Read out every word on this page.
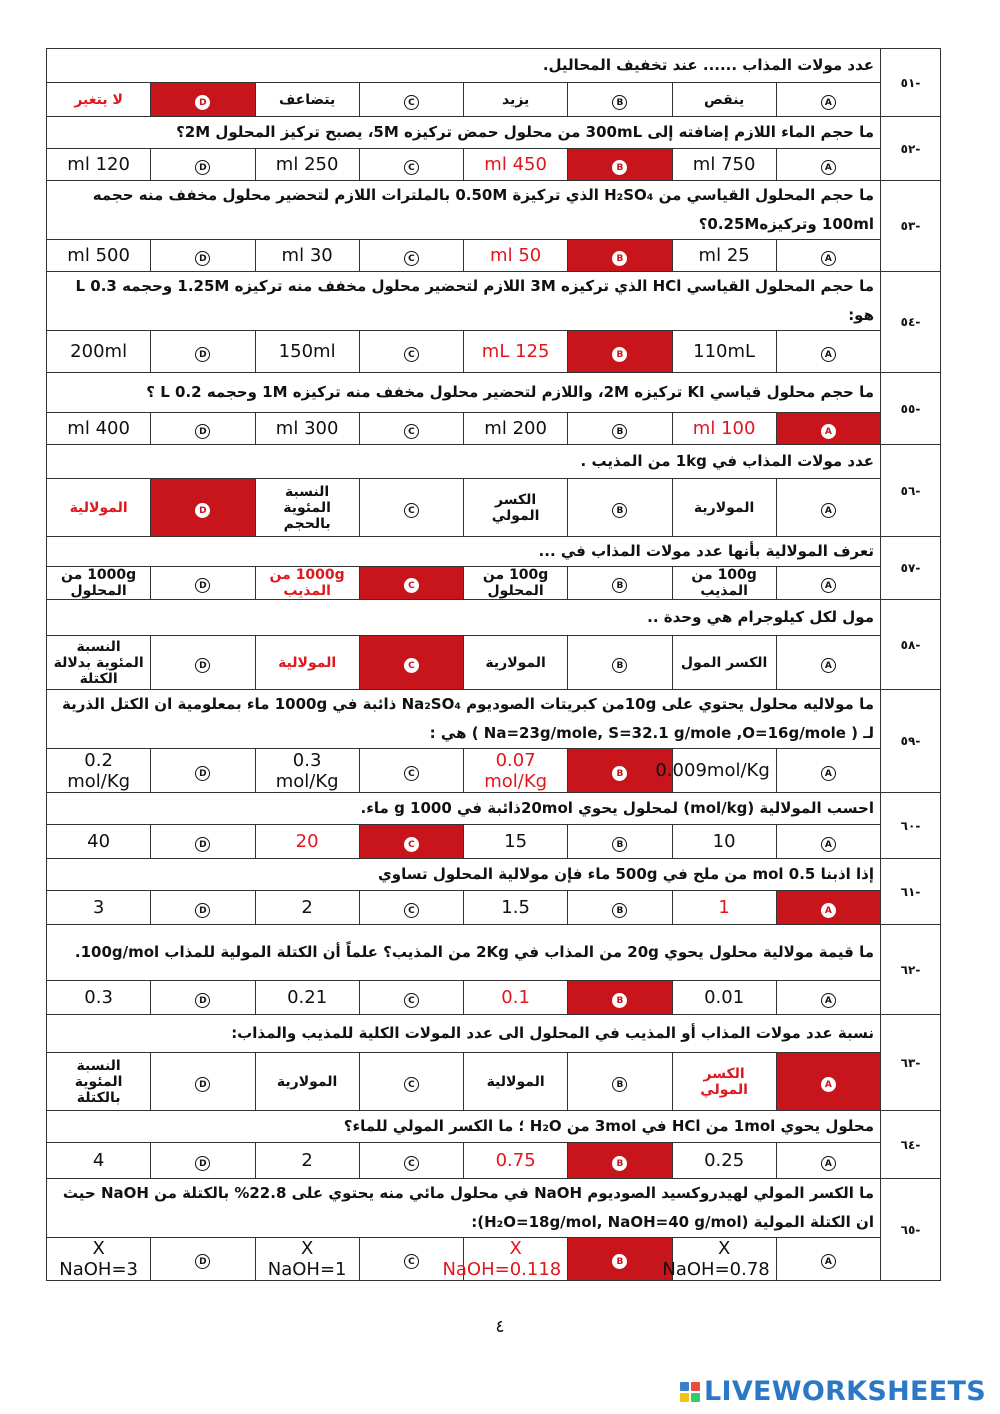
-٥١	عدد مولات المذاب ...... عند تخفيف المحاليل.							
	A	ينقص	B	يزيد	C	يتضاعف	D	لا يتغير
-٥٢	ما حجم الماء اللازم إضافته إلى 300mL من محلول حمض تركيزه 5M، يصبح تركيز المحلول 2M؟							
	A	750 ml	B	450 ml	C	250 ml	D	120 ml
-٥٣	ما حجم المحلول القياسي من H₂SO₄ الذي تركيزة 0.50M بالملترات اللازم لتحضير محلول مخفف منه حجمه 100ml وتركيزه0.25M؟							
	A	25 ml	B	50 ml	C	30 ml	D	500 ml
-٥٤	ما حجم المحلول القياسي HCl الذي تركيزه 3M اللازم لتحضير محلول مخفف منه تركيزه 1.25M وحجمه 0.3 L هو:							
	A	110mL	B	125 mL	C	150ml	D	200ml
-٥٥	ما حجم محلول قياسي KI تركيزه 2M، واللازم لتحضير محلول مخفف منه تركيزه 1M وحجمه 0.2 L ؟							
	A	100 ml	B	200 ml	C	300 ml	D	400 ml
-٥٦	عدد مولات المذاب في 1kg من المذيب .							
	A	المولارية	B	الكسر المولي	C	النسبة المئوية بالحجم	D	المولالية
-٥٧	تعرف المولالية بأنها عدد مولات المذاب في ...							
	A	100g من المذيب	B	100g من المحلول	C	1000g من المذيب	D	1000g من المحلول
-٥٨	مول لكل كيلوجرام هي وحدة ..							
	A	الكسر المول	B	المولارية	C	المولالية	D	النسبة المئوية بدلالة الكتلة
-٥٩	ما مولاليه محلول يحتوي على 10gمن كبريتات الصوديوم Na₂SO₄ ذائبة في 1000g ماء بمعلومية ان الكتل الذرية لـ ( Na=23g/mole, S=32.1 g/mole ,O=16g/mole ) هي :							
	A	0.009mol/Kg	B	0.07 mol/Kg	C	0.3 mol/Kg	D	0.2 mol/Kg
-٦٠	احسب المولالية (mol/kg) لمحلول يحوي 20molذائبة في 1000 g ماء.							
	A	10	B	15	C	20	D	40
-٦١	إذا اذبنا 0.5 mol من ملح في 500g ماء فإن مولالية المحلول تساوي							
	A	1	B	1.5	C	2	D	3
-٦٢	ما قيمة مولالية محلول يحوي 20g من المذاب في 2Kg من المذيب؟ علماً أن الكتلة المولية للمذاب 100g/mol.							
	A	0.01	B	0.1	C	0.21	D	0.3
-٦٣	نسبة عدد مولات المذاب أو المذيب في المحلول الى عدد المولات الكلية للمذيب والمذاب:							
	A	الكسر المولي	B	المولالية	C	المولارية	D	النسبة المئوية بالكتلة
-٦٤	محلول يحوي 1mol من HCl في 3mol من H₂O ؛ ما الكسر المولي للماء؟							
	A	0.25	B	0.75	C	2	D	4
-٦٥	ما الكسر المولي لهيدروكسيد الصوديوم NaOH في محلول مائي منه يحتوي على 22.8% بالكتلة من NaOH حيث ان الكتلة المولية (H₂O=18g/mol, NaOH=40 g/mol):							
	A	X NaOH=0.78	B	X NaOH=0.118	C	X NaOH=1	D	X NaOH=3
٤
LIVEWORKSHEETS
